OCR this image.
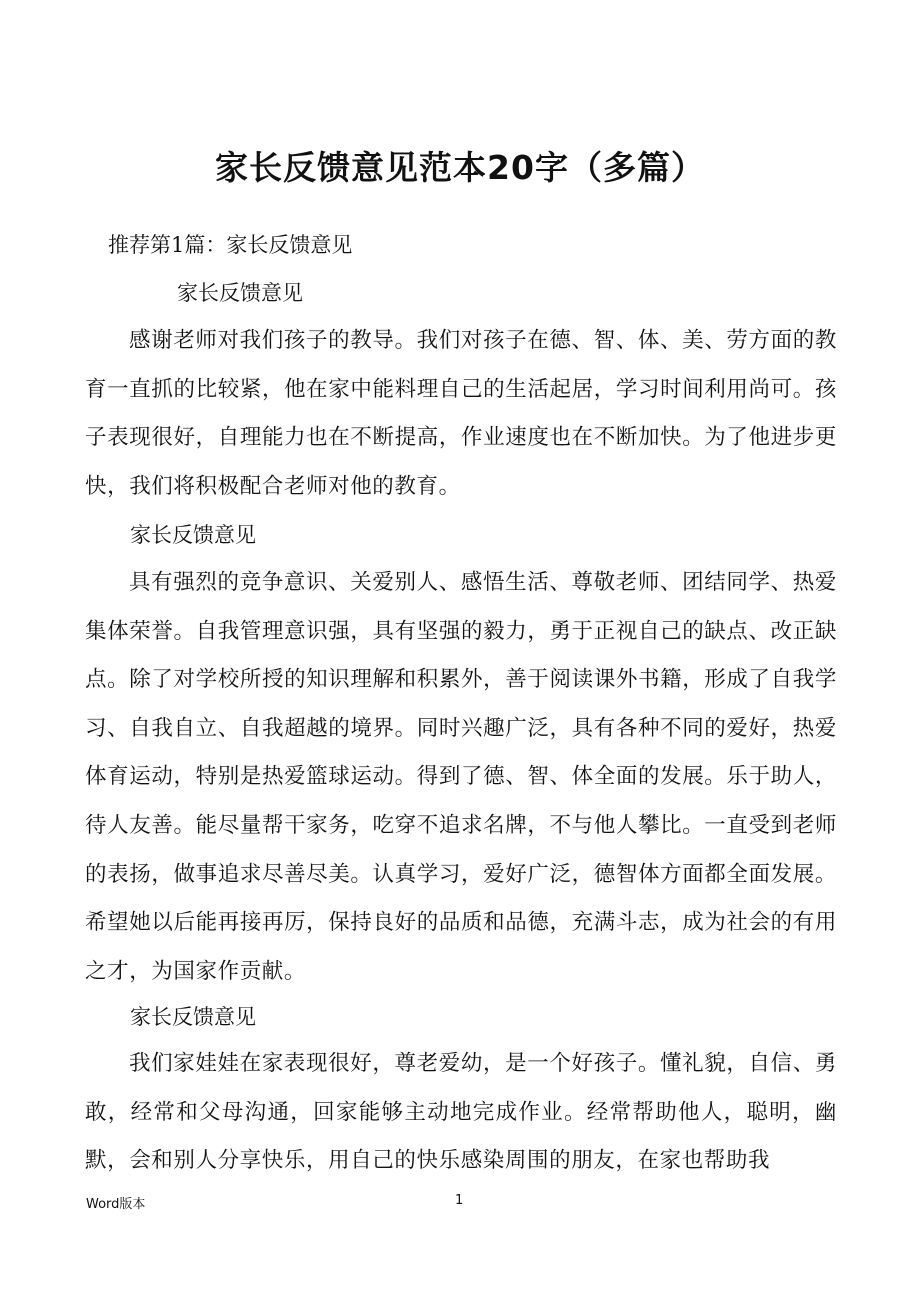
家长反馈意见范本20字（多篇）
推荐第1篇：家长反馈意见
家长反馈意见

感谢老师对我们孩子的教导。我们对孩子在德、智、体、美、劳方面的教育一直抓的比较紧，他在家中能料理自己的生活起居，学习时间利用尚可。孩子表现很好，自理能力也在不断提高，作业速度也在不断加快。为了他进步更快，我们将积极配合老师对他的教育。

家长反馈意见

具有强烈的竞争意识、关爱别人、感悟生活、尊敬老师、团结同学、热爱集体荣誉。自我管理意识强，具有坚强的毅力，勇于正视自己的缺点、改正缺点。除了对学校所授的知识理解和积累外，善于阅读课外书籍，形成了自我学习、自我自立、自我超越的境界。同时兴趣广泛，具有各种不同的爱好，热爱体育运动，特别是热爱篮球运动。得到了德、智、体全面的发展。乐于助人，待人友善。能尽量帮干家务，吃穿不追求名牌，不与他人攀比。一直受到老师的表扬，做事追求尽善尽美。认真学习，爱好广泛，德智体方面都全面发展。希望她以后能再接再厉，保持良好的品质和品德，充满斗志，成为社会的有用之才，为国家作贡献。

家长反馈意见

我们家娃娃在家表现很好，尊老爱幼，是一个好孩子。懂礼貌，自信、勇敢，经常和父母沟通，回家能够主动地完成作业。经常帮助他人，聪明，幽默，会和别人分享快乐，用自己的快乐感染周围的朋友，在家也帮助我

Word版本	1
